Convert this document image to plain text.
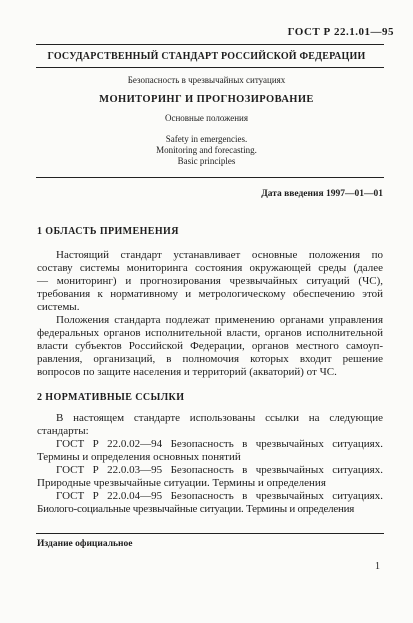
ГОСТ Р 22.1.01—95
ГОСУДАРСТВЕННЫЙ СТАНДАРТ РОССИЙСКОЙ ФЕДЕРАЦИИ
Безопасность в чрезвычайных ситуациях
МОНИТОРИНГ И ПРОГНОЗИРОВАНИЕ
Основные положения
Safety in emergencies.
Monitoring and forecasting.
Basic principles
Дата введения 1997—01—01
1 ОБЛАСТЬ ПРИМЕНЕНИЯ
Настоящий стандарт устанавливает основные положения по
составу системы мониторинга состояния окружающей среды (далее
— мониторинг) и прогнозирования чрезвычайных ситуаций (ЧС),
требования к нормативному и метрологическому обеспечению этой
системы.
Положения стандарта подлежат применению органами управления
федеральных органов исполнительной власти, органов исполнительной
власти субъектов Российской Федерации, органов местного самоуп-
равления, организаций, в полномочия которых входит решение
вопросов по защите населения и территорий (акваторий) от ЧС.
2 НОРМАТИВНЫЕ ССЫЛКИ
В настоящем стандарте использованы ссылки на следующие
стандарты:
ГОСТ Р 22.0.02—94 Безопасность в чрезвычайных ситуациях.
Термины и определения основных понятий
ГОСТ Р 22.0.03—95 Безопасность в чрезвычайных ситуациях.
Природные чрезвычайные ситуации. Термины и определения
ГОСТ Р 22.0.04—95 Безопасность в чрезвычайных ситуациях.
Биолого-социальные чрезвычайные ситуации. Термины и определения
Издание официальное
1
